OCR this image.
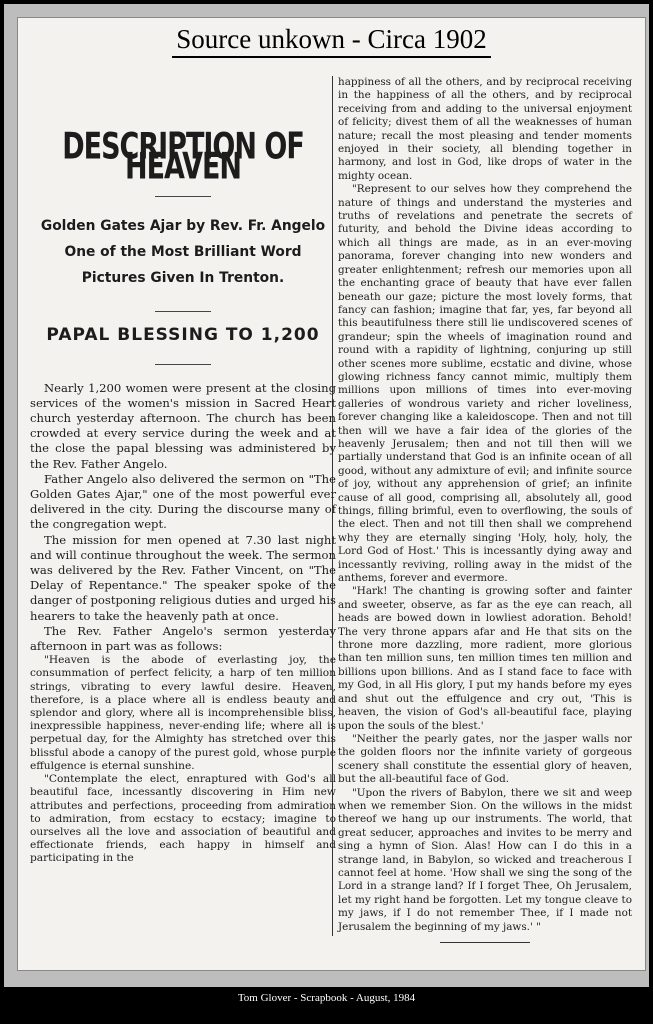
Source unkown - Circa 1902
DESCRIPTION OF HEAVEN
Golden Gates Ajar by Rev. Fr. Angelo One of the Most Brilliant Word Pictures Given In Trenton.
PAPAL BLESSING TO 1,200

Nearly 1,200 women were present at the closing services of the women's mission in Sacred Heart church yesterday afternoon. The church has been crowded at every service during the week and at the close the papal blessing was administered by the Rev. Father Angelo.

Father Angelo also delivered the sermon on "The Golden Gates Ajar," one of the most powerful ever delivered in the city. During the discourse many of the congregation wept.

The mission for men opened at 7.30 last night and will continue throughout the week. The sermon was delivered by the Rev. Father Vincent, on "The Delay of Repentance." The speaker spoke of the danger of postponing religious duties and urged his hearers to take the heavenly path at once.

The Rev. Father Angelo's sermon yesterday afternoon in part was as follows:

"Heaven is the abode of everlasting joy, the consummation of perfect felicity, a harp of ten million strings, vibrating to every lawful desire. Heaven, therefore, is a place where all is endless beauty and splendor and glory, where all is incomprehensible bliss, inexpressible happiness, never-ending life; where all is perpetual day, for the Almighty has stretched over this blissful abode a canopy of the purest gold, whose purple effulgence is eternal sunshine.

"Contemplate the elect, enraptured with God's all beautiful face, incessantly discovering in Him new attributes and perfections, proceeding from admiration to admiration, from ecstacy to ecstacy; imagine to ourselves all the love and association of beautiful and effectionate friends, each happy in himself and participating in the

happiness of all the others, and by reciprocal receiving in the happiness of all the others, and by reciprocal receiving from and adding to the universal enjoyment of felicity; divest them of all the weaknesses of human nature; recall the most pleasing and tender moments enjoyed in their society, all blending together in harmony, and lost in God, like drops of water in the mighty ocean.

"Represent to our selves how they comprehend the nature of things and understand the mysteries and truths of revelations and penetrate the secrets of futurity, and behold the Divine ideas according to which all things are made, as in an ever-moving panorama, forever changing into new wonders and greater enlightenment; refresh our memories upon all the enchanting grace of beauty that have ever fallen beneath our gaze; picture the most lovely forms, that fancy can fashion; imagine that far, yes, far beyond all this beautifulness there still lie undiscovered scenes of grandeur; spin the wheels of imagination round and round with a rapidity of lightning, conjuring up still other scenes more sublime, ecstatic and divine, whose glowing richness fancy cannot mimic, multiply them millions upon millions of times into ever-moving galleries of wondrous variety and richer loveliness, forever changing like a kaleidoscope. Then and not till then will we have a fair idea of the glories of the heavenly Jerusalem; then and not till then will we partially understand that God is an infinite ocean of all good, without any admixture of evil; and infinite source of joy, without any apprehension of grief; an infinite cause of all good, comprising all, absolutely all, good things, filling brimful, even to overflowing, the souls of the elect. Then and not till then shall we comprehend why they are eternally singing 'Holy, holy, holy, the Lord God of Host.' This is incessantly dying away and incessantly reviving, rolling away in the midst of the anthems, forever and evermore.

"Hark! The chanting is growing softer and fainter and sweeter, observe, as far as the eye can reach, all heads are bowed down in lowliest adoration. Behold! The very throne appars afar and He that sits on the throne more dazzling, more radient, more glorious than ten million suns, ten million times ten million and billions upon billions. And as I stand face to face with my God, in all His glory, I put my hands before my eyes and shut out the effulgence and cry out, 'This is heaven, the vision of God's all-beautiful face, playing upon the souls of the blest.'

"Neither the pearly gates, nor the jasper walls nor the golden floors nor the infinite variety of gorgeous scenery shall constitute the essential glory of heaven, but the all-beautiful face of God.

"Upon the rivers of Babylon, there we sit and weep when we remember Sion. On the willows in the midst thereof we hang up our instruments. The world, that great seducer, approaches and invites to be merry and sing a hymn of Sion. Alas! How can I do this in a strange land, in Babylon, so wicked and treacherous I cannot feel at home. 'How shall we sing the song of the Lord in a strange land? If I forget Thee, Oh Jerusalem, let my right hand be forgotten. Let my tongue cleave to my jaws, if I do not remember Thee, if I made not Jerusalem the beginning of my jaws.' "

Tom Glover - Scrapbook - August, 1984
